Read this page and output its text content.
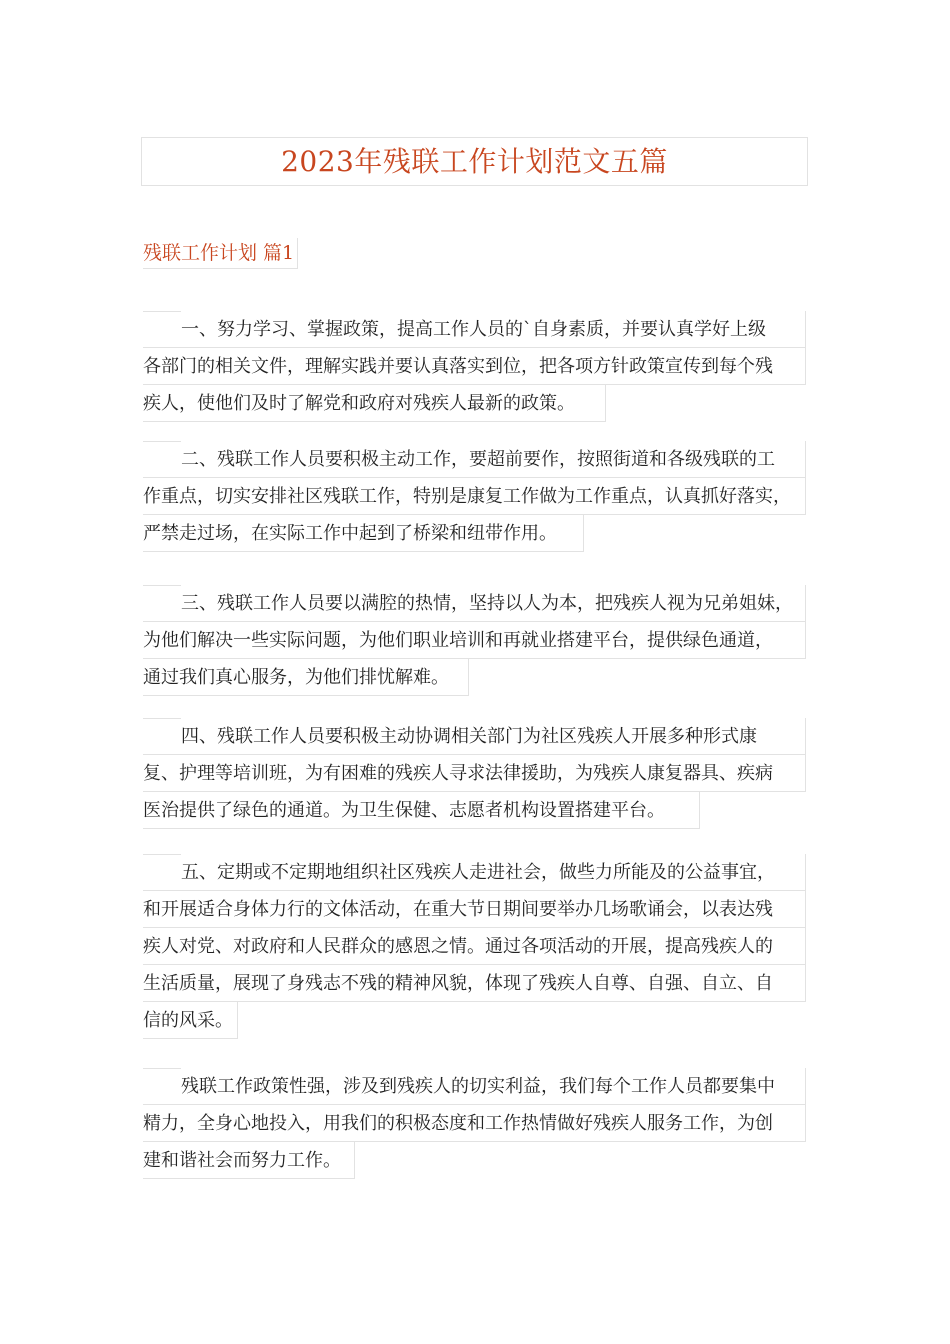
2023年残联工作计划范文五篇
残联工作计划 篇1
一、努力学习、掌握政策，提高工作人员的`自身素质，并要认真学好上级
各部门的相关文件，理解实践并要认真落实到位，把各项方针政策宣传到每个残
疾人，使他们及时了解党和政府对残疾人最新的政策。
二、残联工作人员要积极主动工作，要超前要作，按照街道和各级残联的工
作重点，切实安排社区残联工作，特别是康复工作做为工作重点，认真抓好落实，
严禁走过场，在实际工作中起到了桥梁和纽带作用。
三、残联工作人员要以满腔的热情，坚持以人为本，把残疾人视为兄弟姐妹，
为他们解决一些实际问题，为他们职业培训和再就业搭建平台，提供绿色通道，
通过我们真心服务，为他们排忧解难。
四、残联工作人员要积极主动协调相关部门为社区残疾人开展多种形式康
复、护理等培训班，为有困难的残疾人寻求法律援助，为残疾人康复器具、疾病
医治提供了绿色的通道。为卫生保健、志愿者机构设置搭建平台。
五、定期或不定期地组织社区残疾人走进社会，做些力所能及的公益事宜，
和开展适合身体力行的文体活动，在重大节日期间要举办几场歌诵会，以表达残
疾人对党、对政府和人民群众的感恩之情。通过各项活动的开展，提高残疾人的
生活质量，展现了身残志不残的精神风貌，体现了残疾人自尊、自强、自立、自
信的风采。
残联工作政策性强，涉及到残疾人的切实利益，我们每个工作人员都要集中
精力，全身心地投入，用我们的积极态度和工作热情做好残疾人服务工作，为创
建和谐社会而努力工作。
